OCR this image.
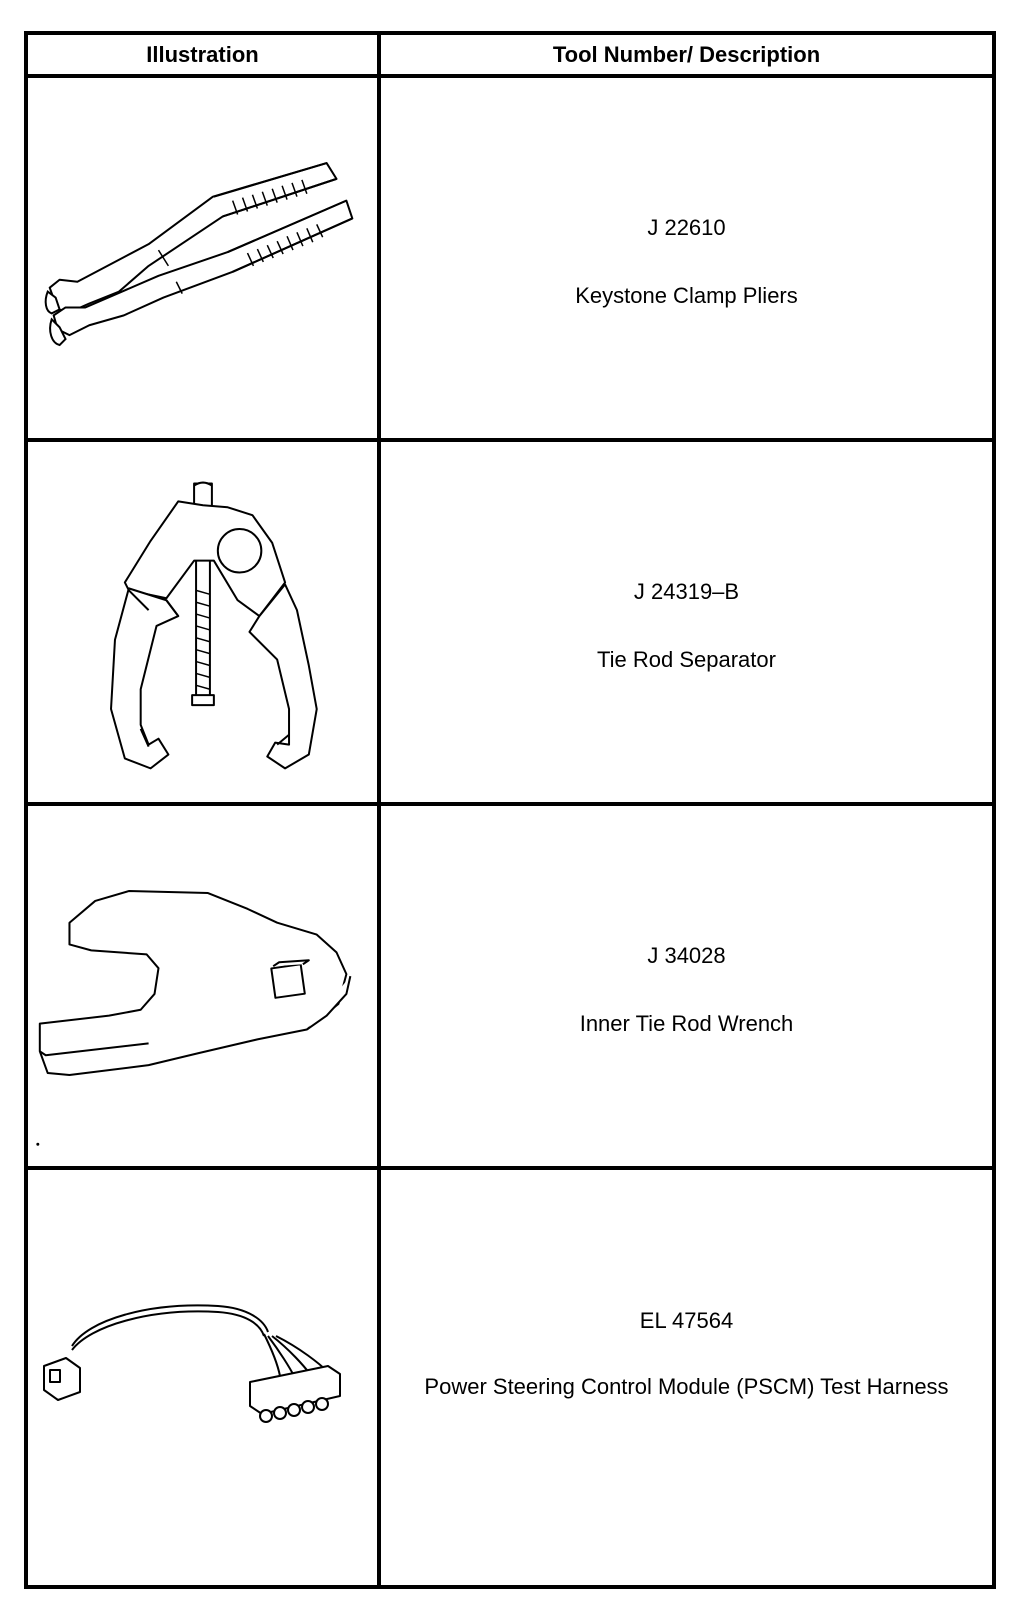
Illustration	Tool Number/ Description
J 22610
Keystone Clamp Pliers
J 24319–B
Tie Rod Separator
J 34028
Inner Tie Rod Wrench
EL 47564
Power Steering Control Module (PSCM) Test Harness
